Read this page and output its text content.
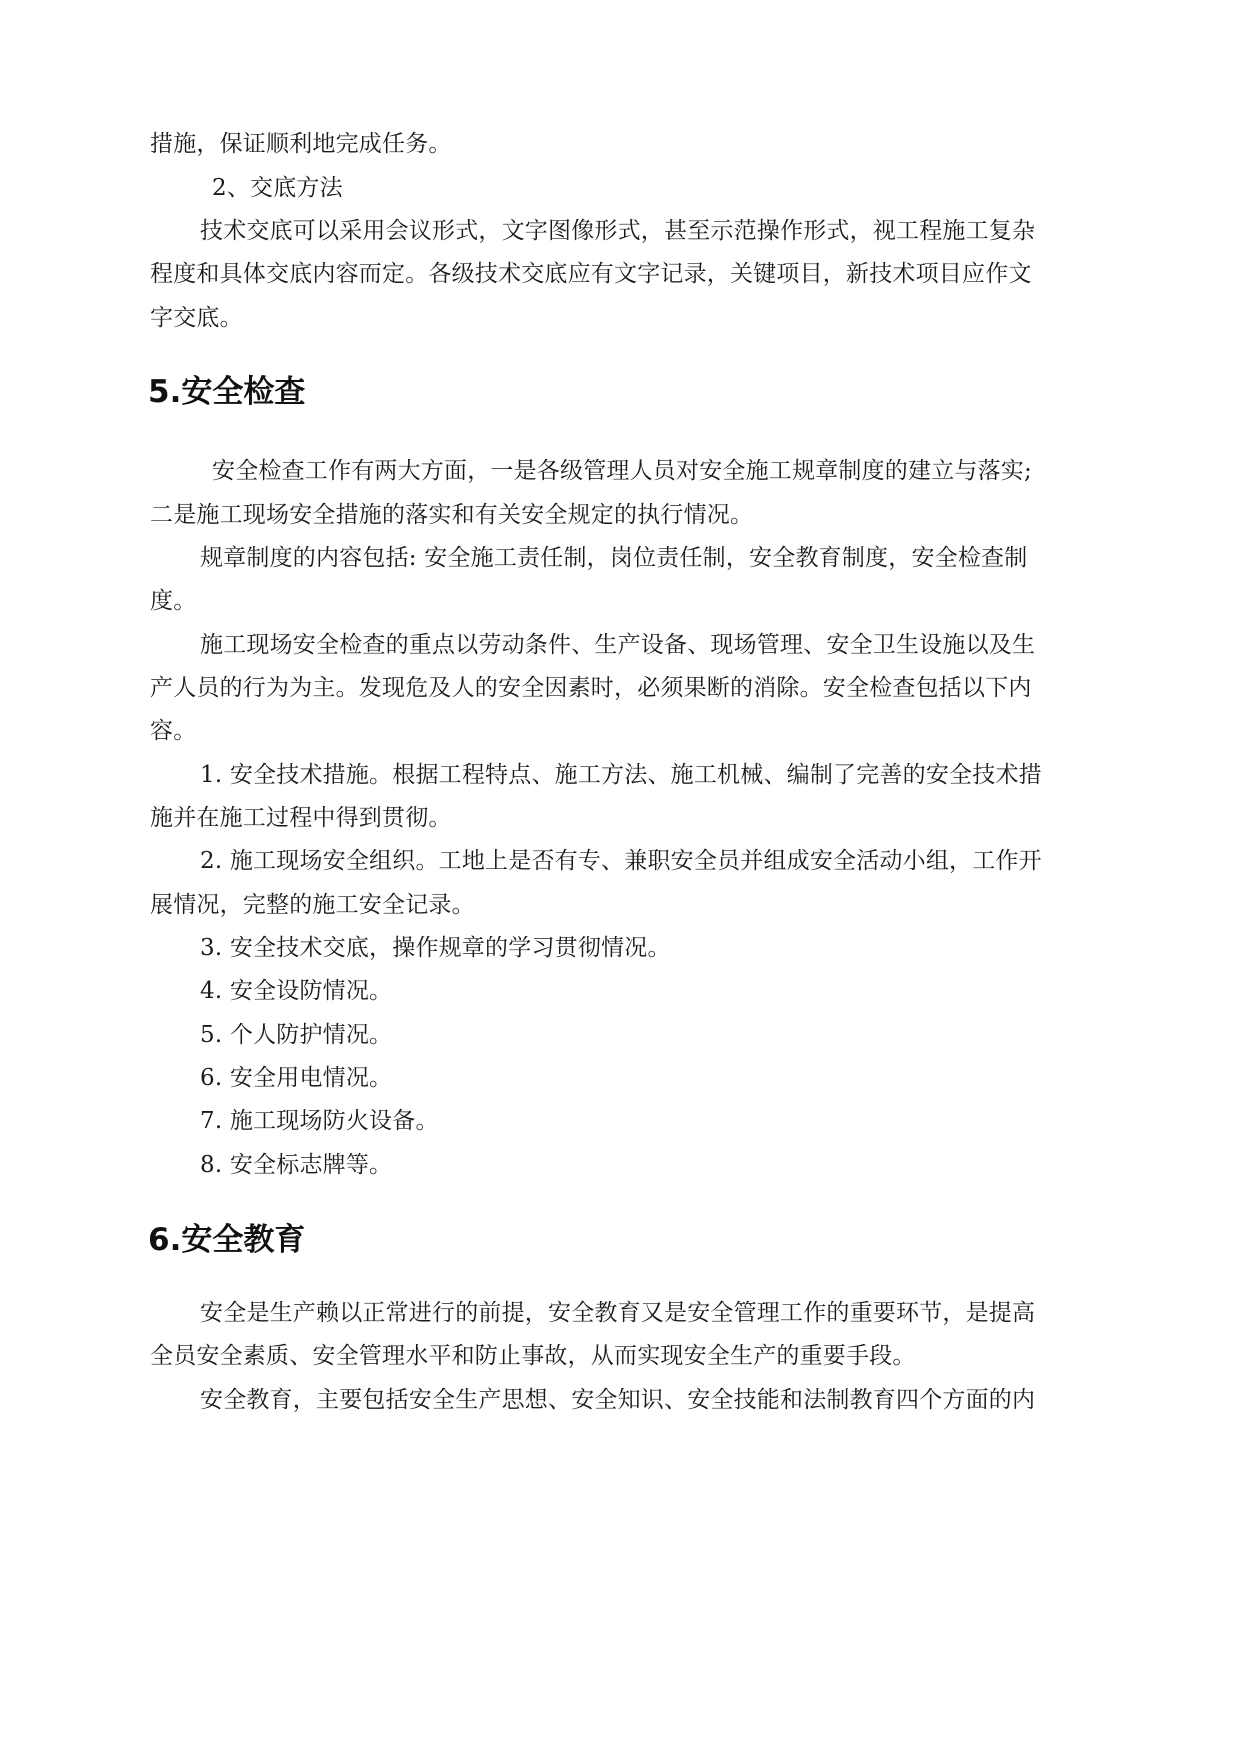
措施，保证顺利地完成任务。
2、交底方法
技术交底可以采用会议形式，文字图像形式，甚至示范操作形式，视工程施工复杂
程度和具体交底内容而定。各级技术交底应有文字记录，关键项目，新技术项目应作文
字交底。
5.安全检查
安全检查工作有两大方面，一是各级管理人员对安全施工规章制度的建立与落实;
二是施工现场安全措施的落实和有关安全规定的执行情况。
规章制度的内容包括: 安全施工责任制，岗位责任制，安全教育制度，安全检查制
度。
施工现场安全检查的重点以劳动条件、生产设备、现场管理、安全卫生设施以及生
产人员的行为为主。发现危及人的安全因素时，必须果断的消除。安全检查包括以下内
容。
1. 安全技术措施。根据工程特点、施工方法、施工机械、编制了完善的安全技术措
施并在施工过程中得到贯彻。
2. 施工现场安全组织。工地上是否有专、兼职安全员并组成安全活动小组，工作开
展情况，完整的施工安全记录。
3. 安全技术交底，操作规章的学习贯彻情况。
4. 安全设防情况。
5. 个人防护情况。
6. 安全用电情况。
7. 施工现场防火设备。
8. 安全标志牌等。
6.安全教育
安全是生产赖以正常进行的前提，安全教育又是安全管理工作的重要环节，是提高
全员安全素质、安全管理水平和防止事故，从而实现安全生产的重要手段。
安全教育，主要包括安全生产思想、安全知识、安全技能和法制教育四个方面的内
